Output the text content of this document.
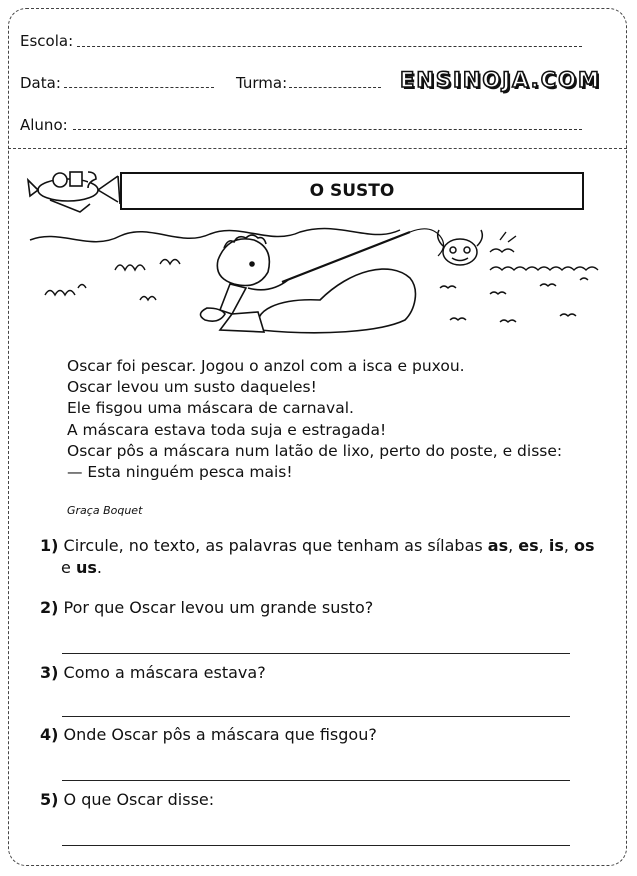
Escola:
Data:	Turma:	ENSINOJA.COM
Aluno:
O SUSTO
Oscar foi pescar. Jogou o anzol com a isca e puxou.
Oscar levou um susto daqueles!
Ele fisgou uma máscara de carnaval.
A máscara estava toda suja e estragada!
Oscar pôs a máscara num latão de lixo, perto do poste, e disse:
— Esta ninguém pesca mais!
Graça Boquet
1) Circule, no texto, as palavras que tenham as sílabas as, es, is, os
e us.
2) Por que Oscar levou um grande susto?
3) Como a máscara estava?
4) Onde Oscar pôs a máscara que fisgou?
5) O que Oscar disse:
